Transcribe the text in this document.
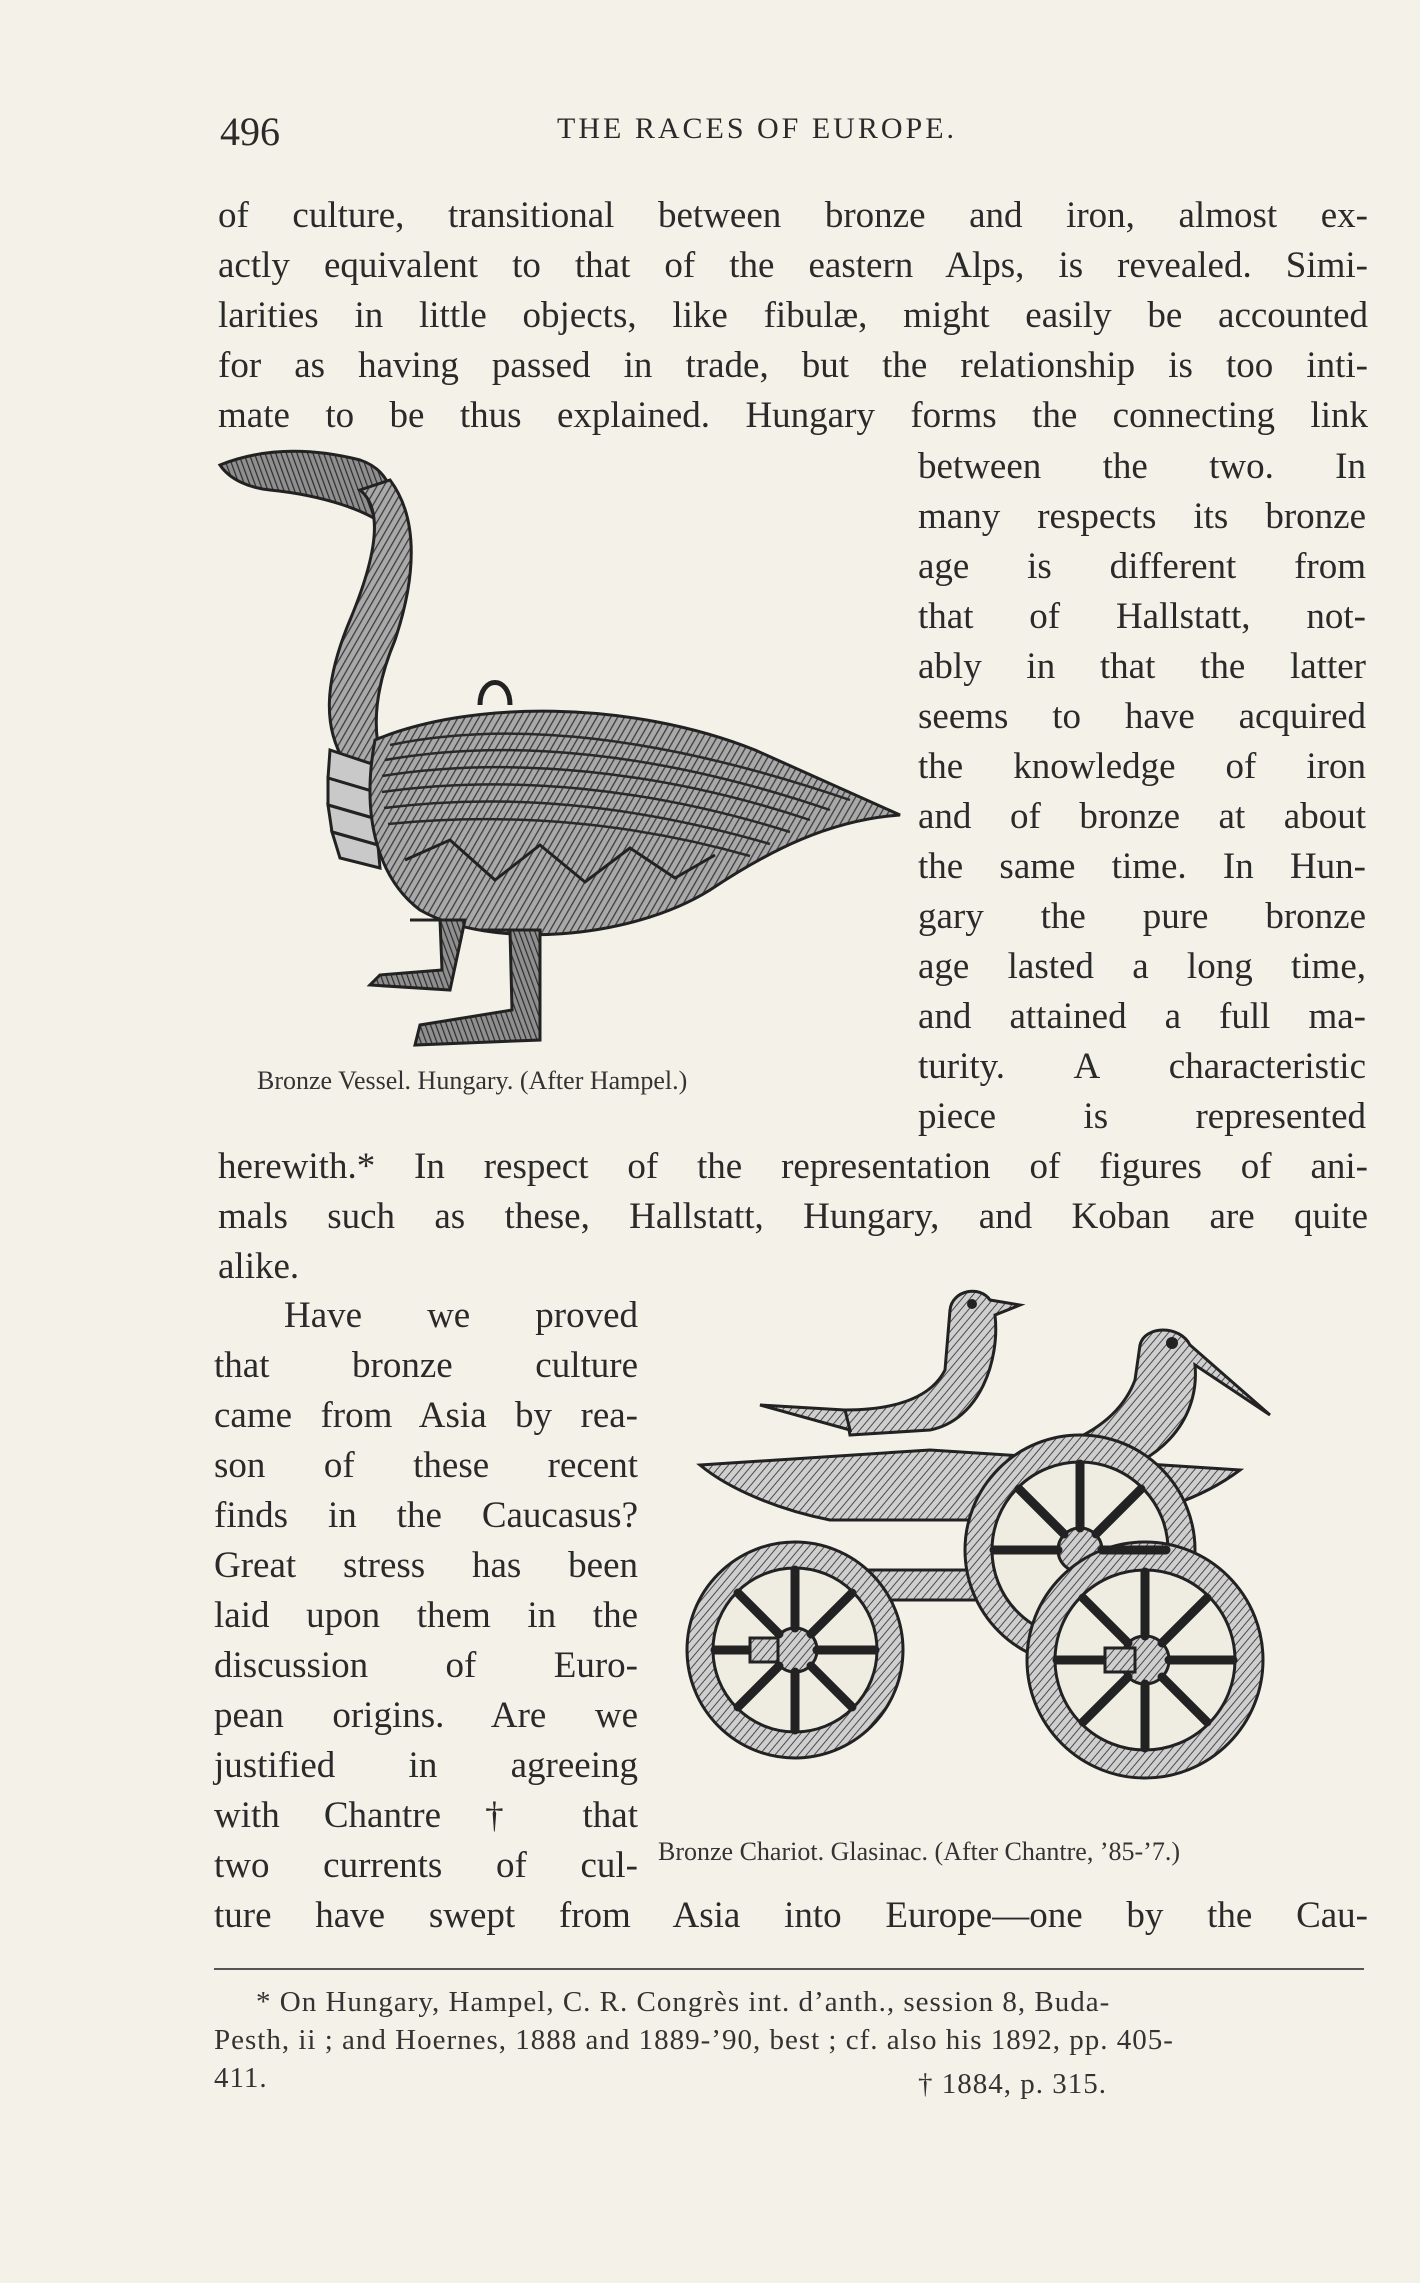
496	THE RACES OF EUROPE.
of culture, transitional between bronze and iron, almost ex-
actly equivalent to that of the eastern Alps, is revealed. Simi-
larities in little objects, like fibulæ, might easily be accounted
for as having passed in trade, but the relationship is too inti-
mate to be thus explained. Hungary forms the connecting link
between the two. In
many respects its bronze
age is different from
that of Hallstatt, not-
ably in that the latter
seems to have acquired
the knowledge of iron
and of bronze at about
the same time. In Hun-
gary the pure bronze
age lasted a long time,
and attained a full ma-
turity. A characteristic
piece is represented
Bronze Vessel. Hungary. (After Hampel.)
herewith.* In respect of the representation of figures of ani-
mals such as these, Hallstatt, Hungary, and Koban are quite
alike.
Have we proved
that bronze culture
came from Asia by rea-
son of these recent
finds in the Caucasus?
Great stress has been
laid upon them in the
discussion of Euro-
pean origins. Are we
justified in agreeing
with Chantre † that
two currents of cul- Bronze Chariot. Glasinac. (After Chantre, ’85-’7.)
ture have swept from Asia into Europe—one by the Cau-
* On Hungary, Hampel, C. R. Congrès int. d’anth., session 8, Buda-
Pesth, ii ; and Hoernes, 1888 and 1889-’90, best ; cf. also his 1892, pp. 405-
411.	† 1884, p. 315.
